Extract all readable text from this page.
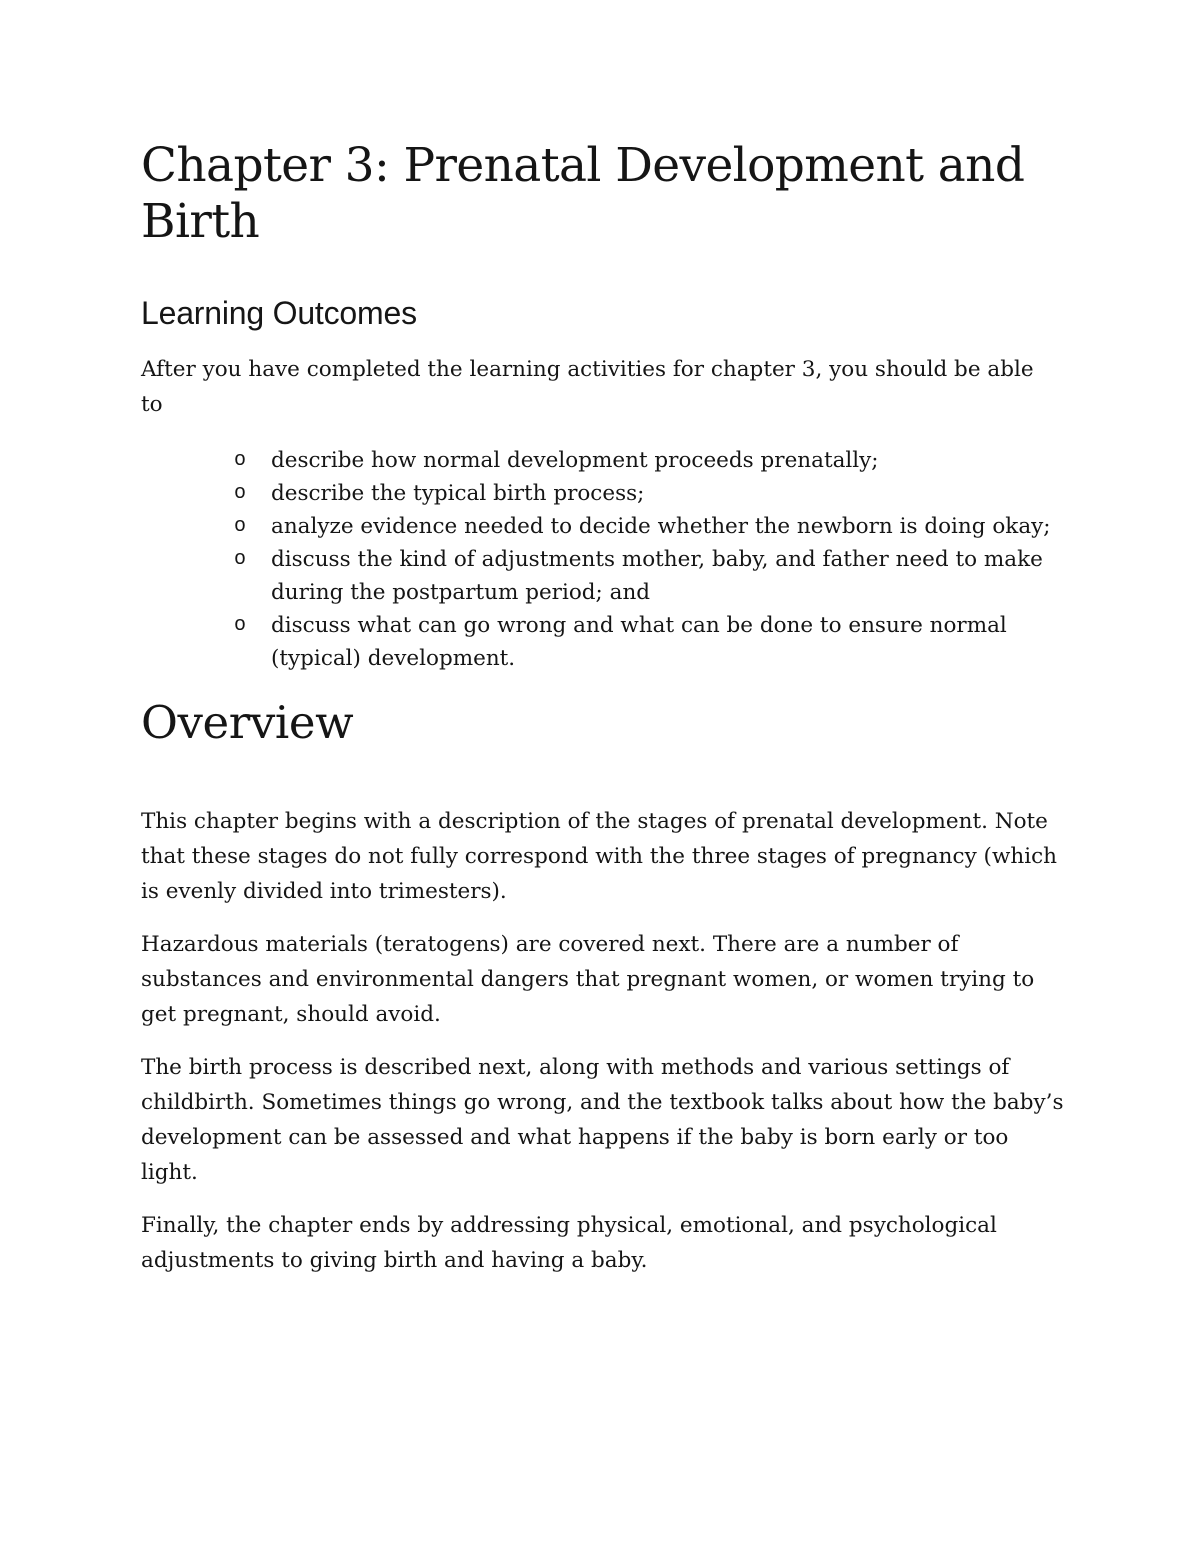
Chapter 3: Prenatal Development and Birth
Learning Outcomes

After you have completed the learning activities for chapter 3, you should be able to

o describe how normal development proceeds prenatally;
o describe the typical birth process;
o analyze evidence needed to decide whether the newborn is doing okay;
o discuss the kind of adjustments mother, baby, and father need to make during the postpartum period; and
o discuss what can go wrong and what can be done to ensure normal (typical) development.
Overview

This chapter begins with a description of the stages of prenatal development. Note that these stages do not fully correspond with the three stages of pregnancy (which is evenly divided into trimesters).

Hazardous materials (teratogens) are covered next. There are a number of substances and environmental dangers that pregnant women, or women trying to get pregnant, should avoid.

The birth process is described next, along with methods and various settings of childbirth. Sometimes things go wrong, and the textbook talks about how the baby’s development can be assessed and what happens if the baby is born early or too light.

Finally, the chapter ends by addressing physical, emotional, and psychological adjustments to giving birth and having a baby.
